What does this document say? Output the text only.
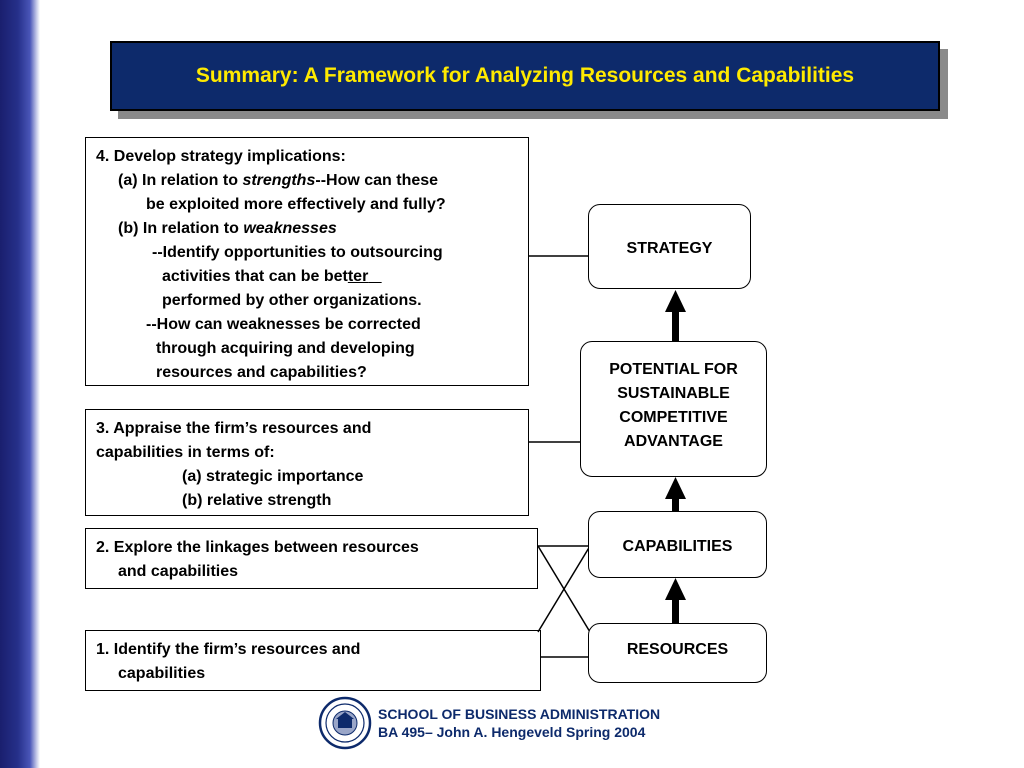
Summary: A Framework for Analyzing Resources and Capabilities
4. Develop strategy implications:
(a) In relation to strengths--How can these
be exploited more effectively and fully?
(b) In relation to weaknesses
--Identify opportunities to outsourcing
activities that can be better
performed by other organizations.
--How can weaknesses be corrected
through acquiring and developing
resources and capabilities?
3. Appraise the firm’s resources and
capabilities in terms of:
(a) strategic importance
(b) relative strength
2. Explore the linkages between resources
and capabilities
1. Identify the firm’s resources and
capabilities
STRATEGY
POTENTIAL FOR
SUSTAINABLE
COMPETITIVE
ADVANTAGE
CAPABILITIES
RESOURCES
SCHOOL OF BUSINESS ADMINISTRATION
BA 495– John A. Hengeveld Spring 2004
